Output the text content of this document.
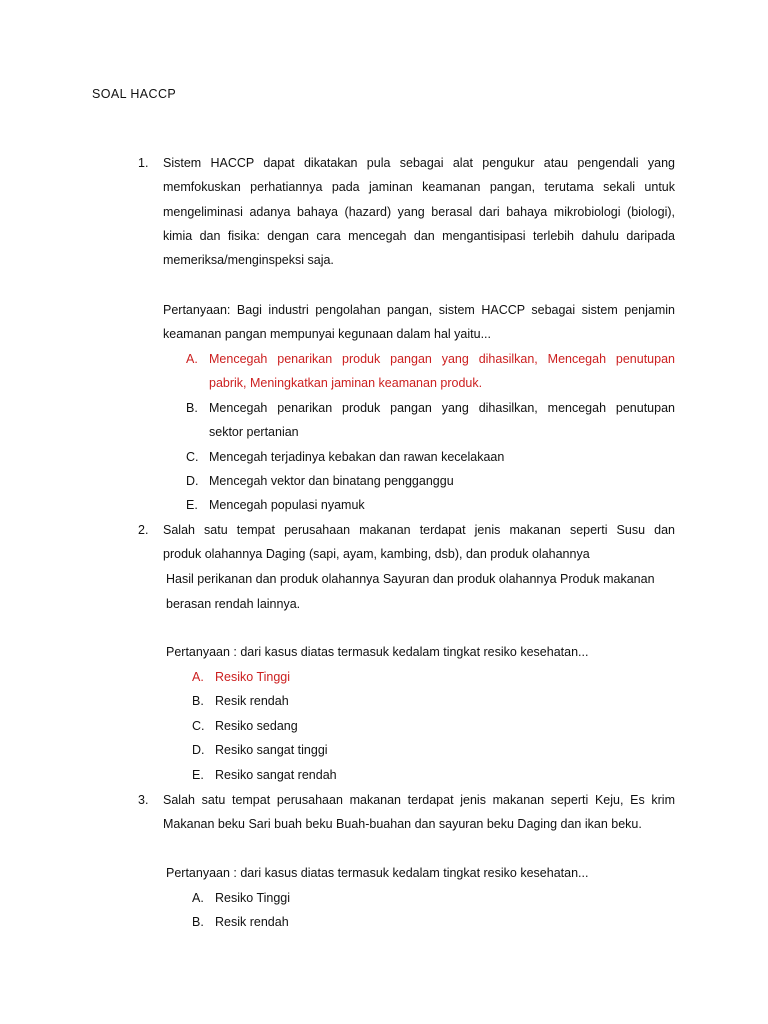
SOAL HACCP
1. Sistem HACCP dapat dikatakan pula sebagai alat pengukur atau pengendali yang
memfokuskan perhatiannya pada jaminan keamanan pangan, terutama sekali untuk
mengeliminasi adanya bahaya (hazard) yang berasal dari bahaya mikrobiologi (biologi),
kimia dan fisika: dengan cara mencegah dan mengantisipasi terlebih dahulu daripada
memeriksa/menginspeksi saja.
Pertanyaan: Bagi industri pengolahan pangan, sistem HACCP sebagai sistem penjamin
keamanan pangan mempunyai kegunaan dalam hal yaitu...
A. Mencegah penarikan produk pangan yang dihasilkan, Mencegah penutupan
pabrik, Meningkatkan jaminan keamanan produk.
B. Mencegah penarikan produk pangan yang dihasilkan, mencegah penutupan
sektor pertanian
C. Mencegah terjadinya kebakan dan rawan kecelakaan
D. Mencegah vektor dan binatang pengganggu
E. Mencegah populasi nyamuk
2. Salah satu tempat perusahaan makanan terdapat jenis makanan seperti Susu dan
produk olahannya Daging (sapi, ayam, kambing, dsb), dan produk olahannya
Hasil perikanan dan produk olahannya Sayuran dan produk olahannya Produk makanan
berasan rendah lainnya.
Pertanyaan : dari kasus diatas termasuk kedalam tingkat resiko kesehatan...
A. Resiko Tinggi
B. Resik rendah
C. Resiko sedang
D. Resiko sangat tinggi
E. Resiko sangat rendah
3. Salah satu tempat perusahaan makanan terdapat jenis makanan seperti Keju, Es krim
Makanan beku Sari buah beku Buah-buahan dan sayuran beku Daging dan ikan beku.
Pertanyaan : dari kasus diatas termasuk kedalam tingkat resiko kesehatan...
A. Resiko Tinggi
B. Resik rendah
